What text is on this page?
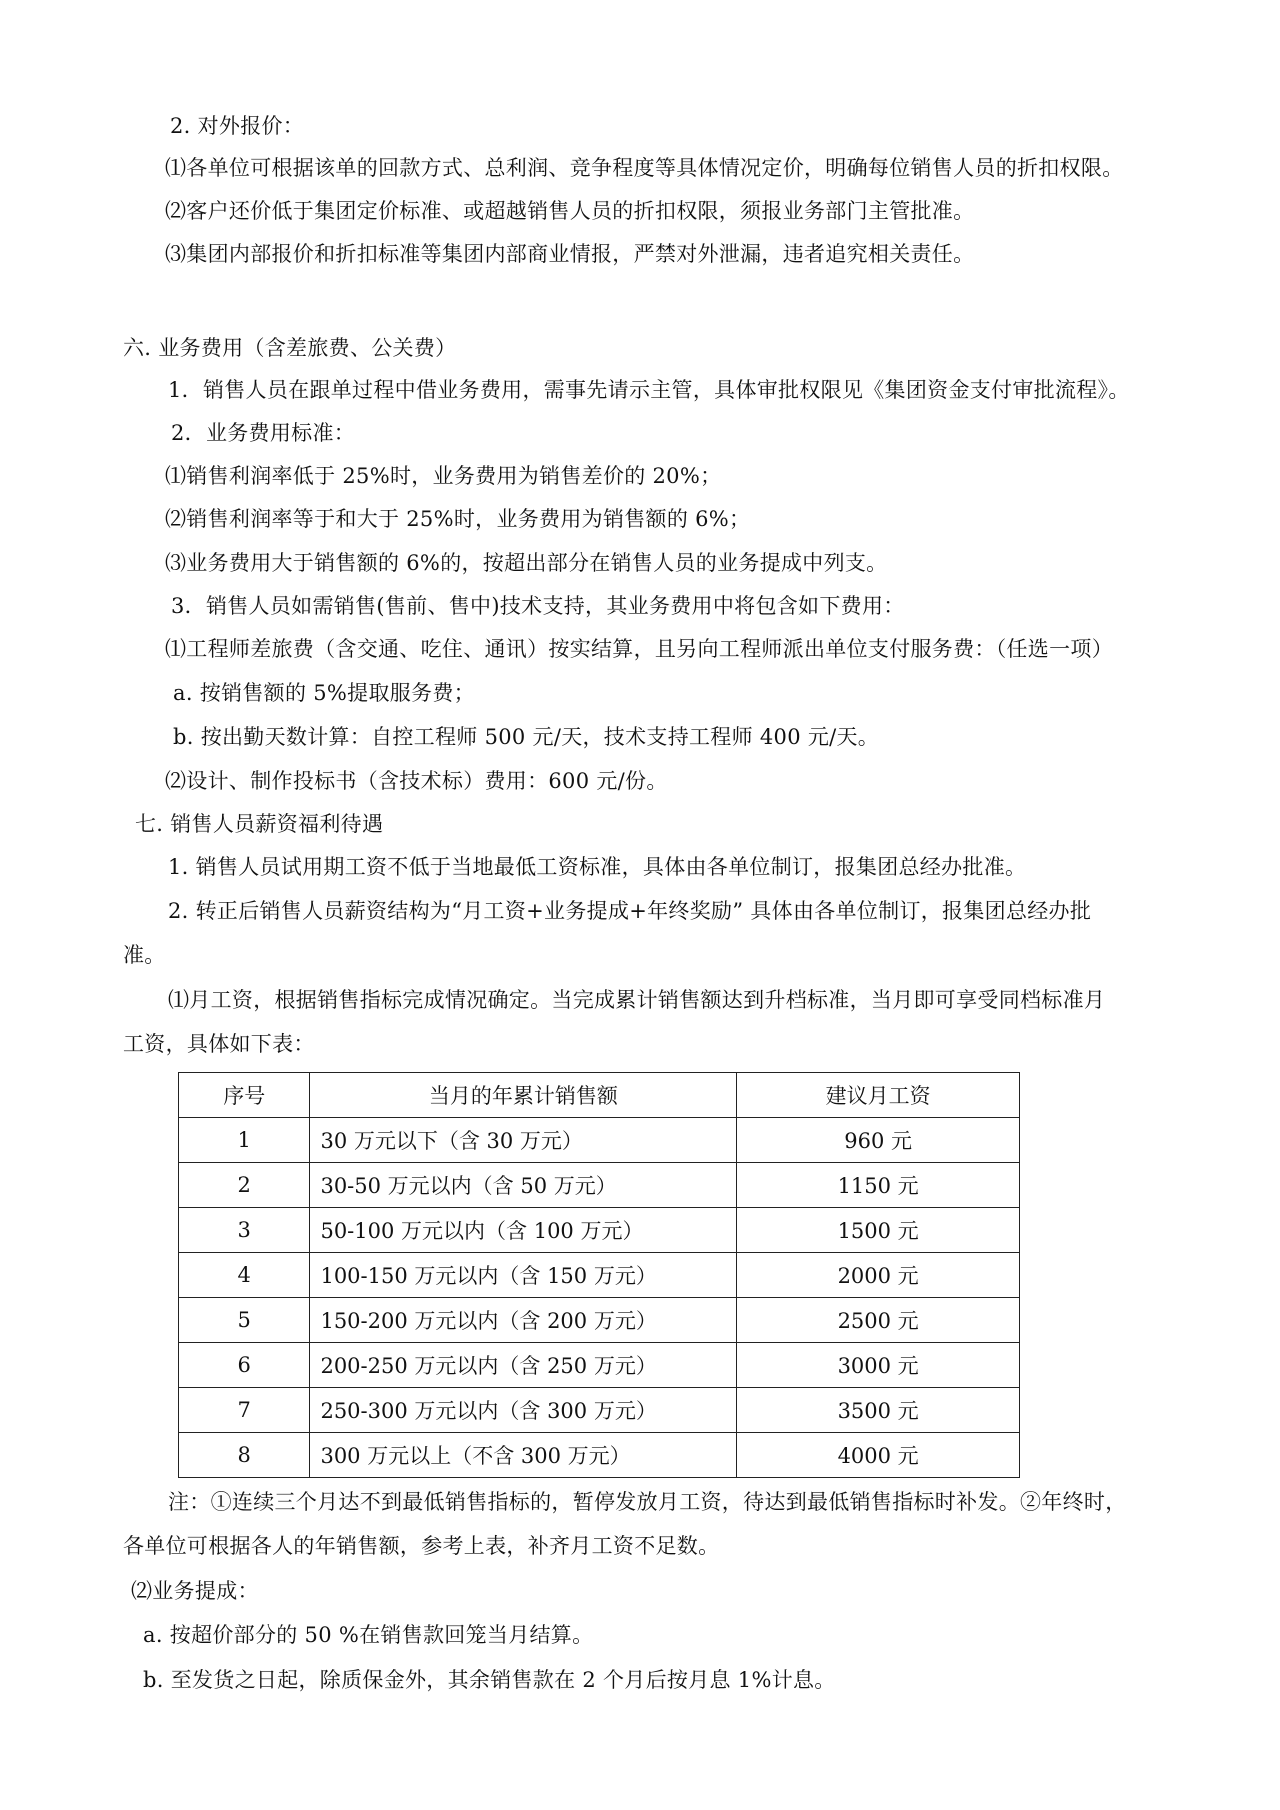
2. 对外报价：
⑴各单位可根据该单的回款方式、总利润、竞争程度等具体情况定价，明确每位销售人员的折扣权限。
⑵客户还价低于集团定价标准、或超越销售人员的折扣权限，须报业务部门主管批准。
⑶集团内部报价和折扣标准等集团内部商业情报，严禁对外泄漏，违者追究相关责任。
六. 业务费用（含差旅费、公关费）
1．销售人员在跟单过程中借业务费用，需事先请示主管，具体审批权限见《集团资金支付审批流程》。
2．业务费用标准：
⑴销售利润率低于 25%时，业务费用为销售差价的 20%；
⑵销售利润率等于和大于 25%时，业务费用为销售额的 6%；
⑶业务费用大于销售额的 6%的，按超出部分在销售人员的业务提成中列支。
3．销售人员如需销售(售前、售中)技术支持，其业务费用中将包含如下费用：
⑴工程师差旅费（含交通、吃住、通讯）按实结算，且另向工程师派出单位支付服务费：（任选一项）
a. 按销售额的 5%提取服务费；
b. 按出勤天数计算：自控工程师 500 元/天，技术支持工程师 400 元/天。
⑵设计、制作投标书（含技术标）费用：600 元/份。
七. 销售人员薪资福利待遇
1. 销售人员试用期工资不低于当地最低工资标准，具体由各单位制订，报集团总经办批准。
2. 转正后销售人员薪资结构为“月工资+业务提成+年终奖励” 具体由各单位制订，报集团总经办批
准。
⑴月工资，根据销售指标完成情况确定。当完成累计销售额达到升档标准，当月即可享受同档标准月
工资，具体如下表：
序号	当月的年累计销售额	建议月工资
1	30 万元以下（含 30 万元）	960 元
2	30-50 万元以内（含 50 万元）	1150 元
3	50-100 万元以内（含 100 万元）	1500 元
4	100-150 万元以内（含 150 万元）	2000 元
5	150-200 万元以内（含 200 万元）	2500 元
6	200-250 万元以内（含 250 万元）	3000 元
7	250-300 万元以内（含 300 万元）	3500 元
8	300 万元以上（不含 300 万元）	4000 元
注：①连续三个月达不到最低销售指标的，暂停发放月工资，待达到最低销售指标时补发。②年终时，
各单位可根据各人的年销售额，参考上表，补齐月工资不足数。
⑵业务提成：
a. 按超价部分的 50 %在销售款回笼当月结算。
b. 至发货之日起，除质保金外，其余销售款在 2 个月后按月息 1%计息。
